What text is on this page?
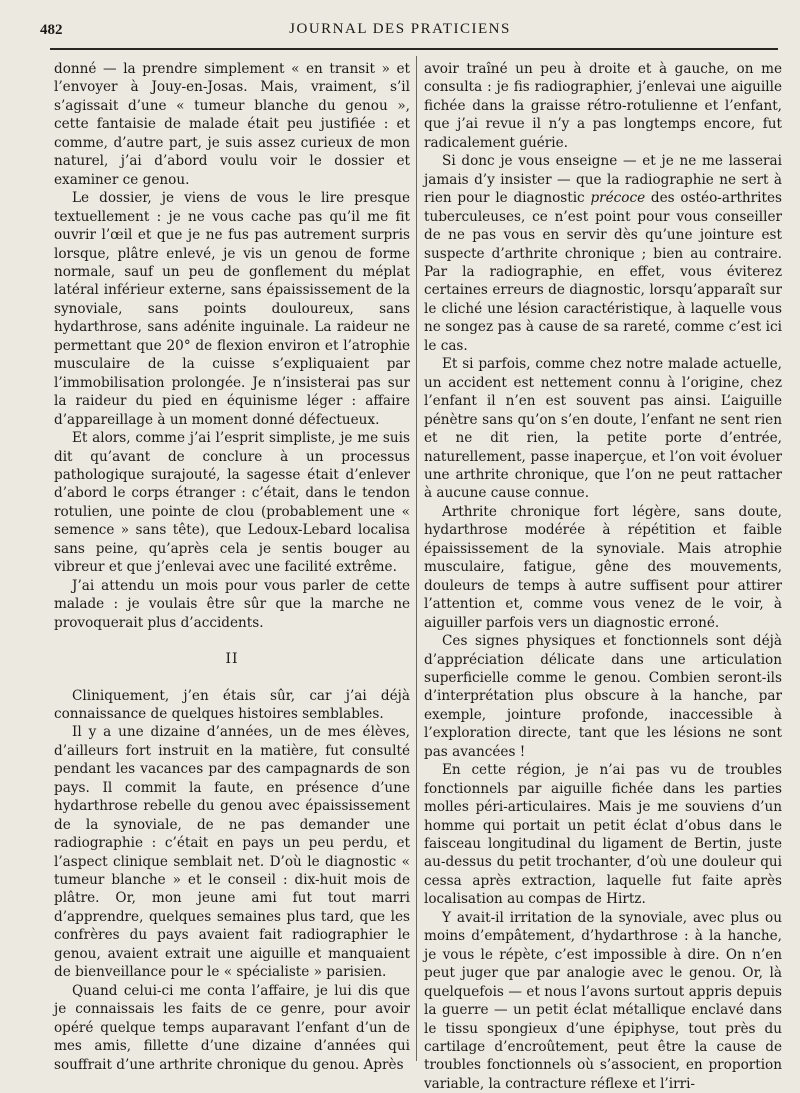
482	JOURNAL DES PRATICIENS

donné — la prendre simplement « en transit » et l’envoyer à Jouy-en-Josas. Mais, vraiment, s’il s’agissait d’une « tumeur blanche du genou », cette fantaisie de malade était peu justifiée : et comme, d’autre part, je suis assez curieux de mon naturel, j’ai d’abord voulu voir le dossier et examiner ce genou.

Le dossier, je viens de vous le lire presque textuellement : je ne vous cache pas qu’il me fit ouvrir l’œil et que je ne fus pas autrement surpris lorsque, plâtre enlevé, je vis un genou de forme normale, sauf un peu de gonflement du méplat latéral inférieur externe, sans épaississement de la synoviale, sans points douloureux, sans hydarthrose, sans adénite inguinale. La raideur ne permettant que 20° de flexion environ et l’atrophie musculaire de la cuisse s’expliquaient par l’immobilisation prolongée. Je n’insisterai pas sur la raideur du pied en équinisme léger : affaire d’appareillage à un moment donné défectueux.

Et alors, comme j’ai l’esprit simpliste, je me suis dit qu’avant de conclure à un processus pathologique surajouté, la sagesse était d’enlever d’abord le corps étranger : c’était, dans le tendon rotulien, une pointe de clou (probablement une « semence » sans tête), que Ledoux-Lebard localisa sans peine, qu’après cela je sentis bouger au vibreur et que j’enlevai avec une facilité extrême.

J’ai attendu un mois pour vous parler de cette malade : je voulais être sûr que la marche ne provoquerait plus d’accidents.

II

Cliniquement, j’en étais sûr, car j’ai déjà connaissance de quelques histoires semblables.

Il y a une dizaine d’années, un de mes élèves, d’ailleurs fort instruit en la matière, fut consulté pendant les vacances par des campagnards de son pays. Il commit la faute, en présence d’une hydarthrose rebelle du genou avec épaississement de la synoviale, de ne pas demander une radiographie : c’était en pays un peu perdu, et l’aspect clinique semblait net. D’où le diagnostic « tumeur blanche » et le conseil : dix-huit mois de plâtre. Or, mon jeune ami fut tout marri d’apprendre, quelques semaines plus tard, que les confrères du pays avaient fait radiographier le genou, avaient extrait une aiguille et manquaient de bienveillance pour le « spécialiste » parisien.

Quand celui-ci me conta l’affaire, je lui dis que je connaissais les faits de ce genre, pour avoir opéré quelque temps auparavant l’enfant d’un de mes amis, fillette d’une dizaine d’années qui souffrait d’une arthrite chronique du genou. Après

avoir traîné un peu à droite et à gauche, on me consulta : je fis radiographier, j’enlevai une aiguille fichée dans la graisse rétro-rotulienne et l’enfant, que j’ai revue il n’y a pas longtemps encore, fut radicalement guérie.

Si donc je vous enseigne — et je ne me lasserai jamais d’y insister — que la radiographie ne sert à rien pour le diagnostic précoce des ostéo-arthrites tuberculeuses, ce n’est point pour vous conseiller de ne pas vous en servir dès qu’une jointure est suspecte d’arthrite chronique ; bien au contraire. Par la radiographie, en effet, vous éviterez certaines erreurs de diagnostic, lorsqu’apparaît sur le cliché une lésion caractéristique, à laquelle vous ne songez pas à cause de sa rareté, comme c’est ici le cas.

Et si parfois, comme chez notre malade actuelle, un accident est nettement connu à l’origine, chez l’enfant il n’en est souvent pas ainsi. L’aiguille pénètre sans qu’on s’en doute, l’enfant ne sent rien et ne dit rien, la petite porte d’entrée, naturellement, passe inaperçue, et l’on voit évoluer une arthrite chronique, que l’on ne peut rattacher à aucune cause connue.

Arthrite chronique fort légère, sans doute, hydarthrose modérée à répétition et faible épaississement de la synoviale. Mais atrophie musculaire, fatigue, gêne des mouvements, douleurs de temps à autre suffisent pour attirer l’attention et, comme vous venez de le voir, à aiguiller parfois vers un diagnostic erroné.

Ces signes physiques et fonctionnels sont déjà d’appréciation délicate dans une articulation superficielle comme le genou. Combien seront-ils d’interprétation plus obscure à la hanche, par exemple, jointure profonde, inaccessible à l’exploration directe, tant que les lésions ne sont pas avancées !

En cette région, je n’ai pas vu de troubles fonctionnels par aiguille fichée dans les parties molles péri-articulaires. Mais je me souviens d’un homme qui portait un petit éclat d’obus dans le faisceau longitudinal du ligament de Bertin, juste au-dessus du petit trochanter, d’où une douleur qui cessa après extraction, laquelle fut faite après localisation au compas de Hirtz.

Y avait-il irritation de la synoviale, avec plus ou moins d’empâtement, d’hydarthrose : à la hanche, je vous le répète, c’est impossible à dire. On n’en peut juger que par analogie avec le genou. Or, là quelquefois — et nous l’avons surtout appris depuis la guerre — un petit éclat métallique enclavé dans le tissu spongieux d’une épiphyse, tout près du cartilage d’encroûtement, peut être la cause de troubles fonctionnels où s’associent, en proportion variable, la contracture réflexe et l’irri-
